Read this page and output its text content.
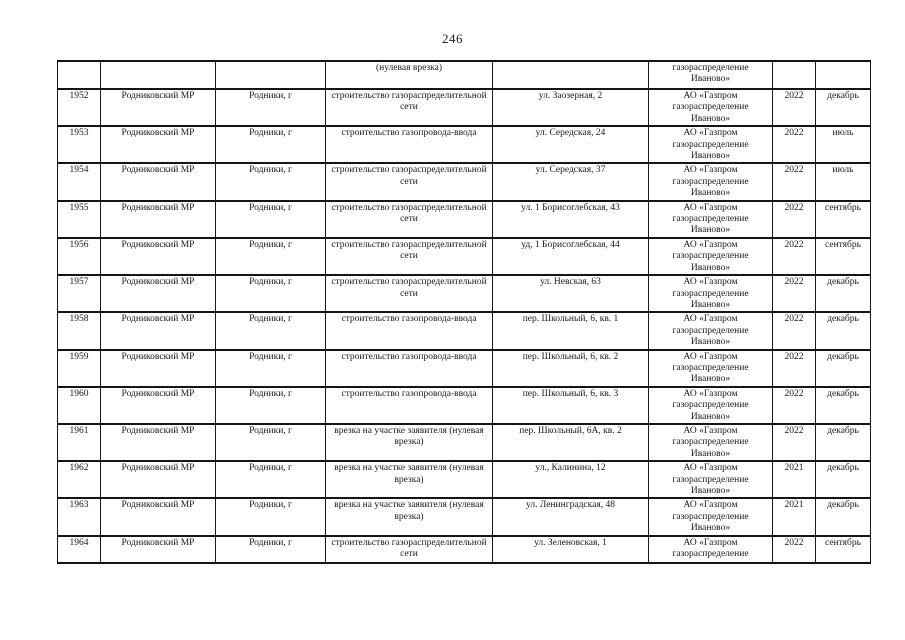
246
			(нулевая врезка)		газораспределение Иваново»		
1952	Родниковский МР	Родники, г	строительство газораспределительной сети	ул. Заозерная, 2	АО «Газпром газораспределение Иваново»	2022	декабрь
1953	Родниковский МР	Родники, г	строительство газопровода-ввода	ул. Середская, 24	АО «Газпром газораспределение Иваново»	2022	июль
1954	Родниковский МР	Родники, г	строительство газораспределительной сети	ул. Середская, 37	АО «Газпром газораспределение Иваново»	2022	июль
1955	Родниковский МР	Родники, г	строительство газораспределительной сети	ул. 1 Борисоглебская, 43	АО «Газпром газораспределение Иваново»	2022	сентябрь
1956	Родниковский МР	Родники, г	строительство газораспределительной сети	уд, 1 Борисоглебская, 44	АО «Газпром газораспределение Иваново»	2022	сентябрь
1957	Родниковский МР	Родники, г	строительство газораспределительной сети	ул. Невская, 63	АО «Газпром газораспределение Иваново»	2022	декабрь
1958	Родниковский МР	Родники, г	строительство газопровода-ввода	пер. Школьный, 6, кв. 1	АО «Газпром газораспределение Иваново»	2022	декабрь
1959	Родниковский МР	Родники, г	строительство газопровода-ввода	пер. Школьный, 6, кв. 2	АО «Газпром газораспределение Иваново»	2022	декабрь
1960	Родниковский МР	Родники, г	строительство газопровода-ввода	пер. Школьный, 6, кв. 3	АО «Газпром газораспределение Иваново»	2022	декабрь
1961	Родниковский МР	Родники, г	врезка на участке заявителя (нулевая врезка)	пер. Школьный, 6А, кв. 2	АО «Газпром газораспределение Иваново»	2022	декабрь
1962	Родниковский МР	Родники, г	врезка на участке заявителя (нулевая врезка)	ул., Калинина, 12	АО «Газпром газораспределение Иваново»	2021	декабрь
1963	Родниковский МР	Родники, г	врезка на участке заявителя (нулевая врезка)	ул. Ленинградская, 48	АО «Газпром газораспределение Иваново»	2021	декабрь
1964	Родниковский МР	Родники, г	строительство газораспределительной сети	ул. Зеленовская, 1	АО «Газпром газораспределение	2022	сентябрь
